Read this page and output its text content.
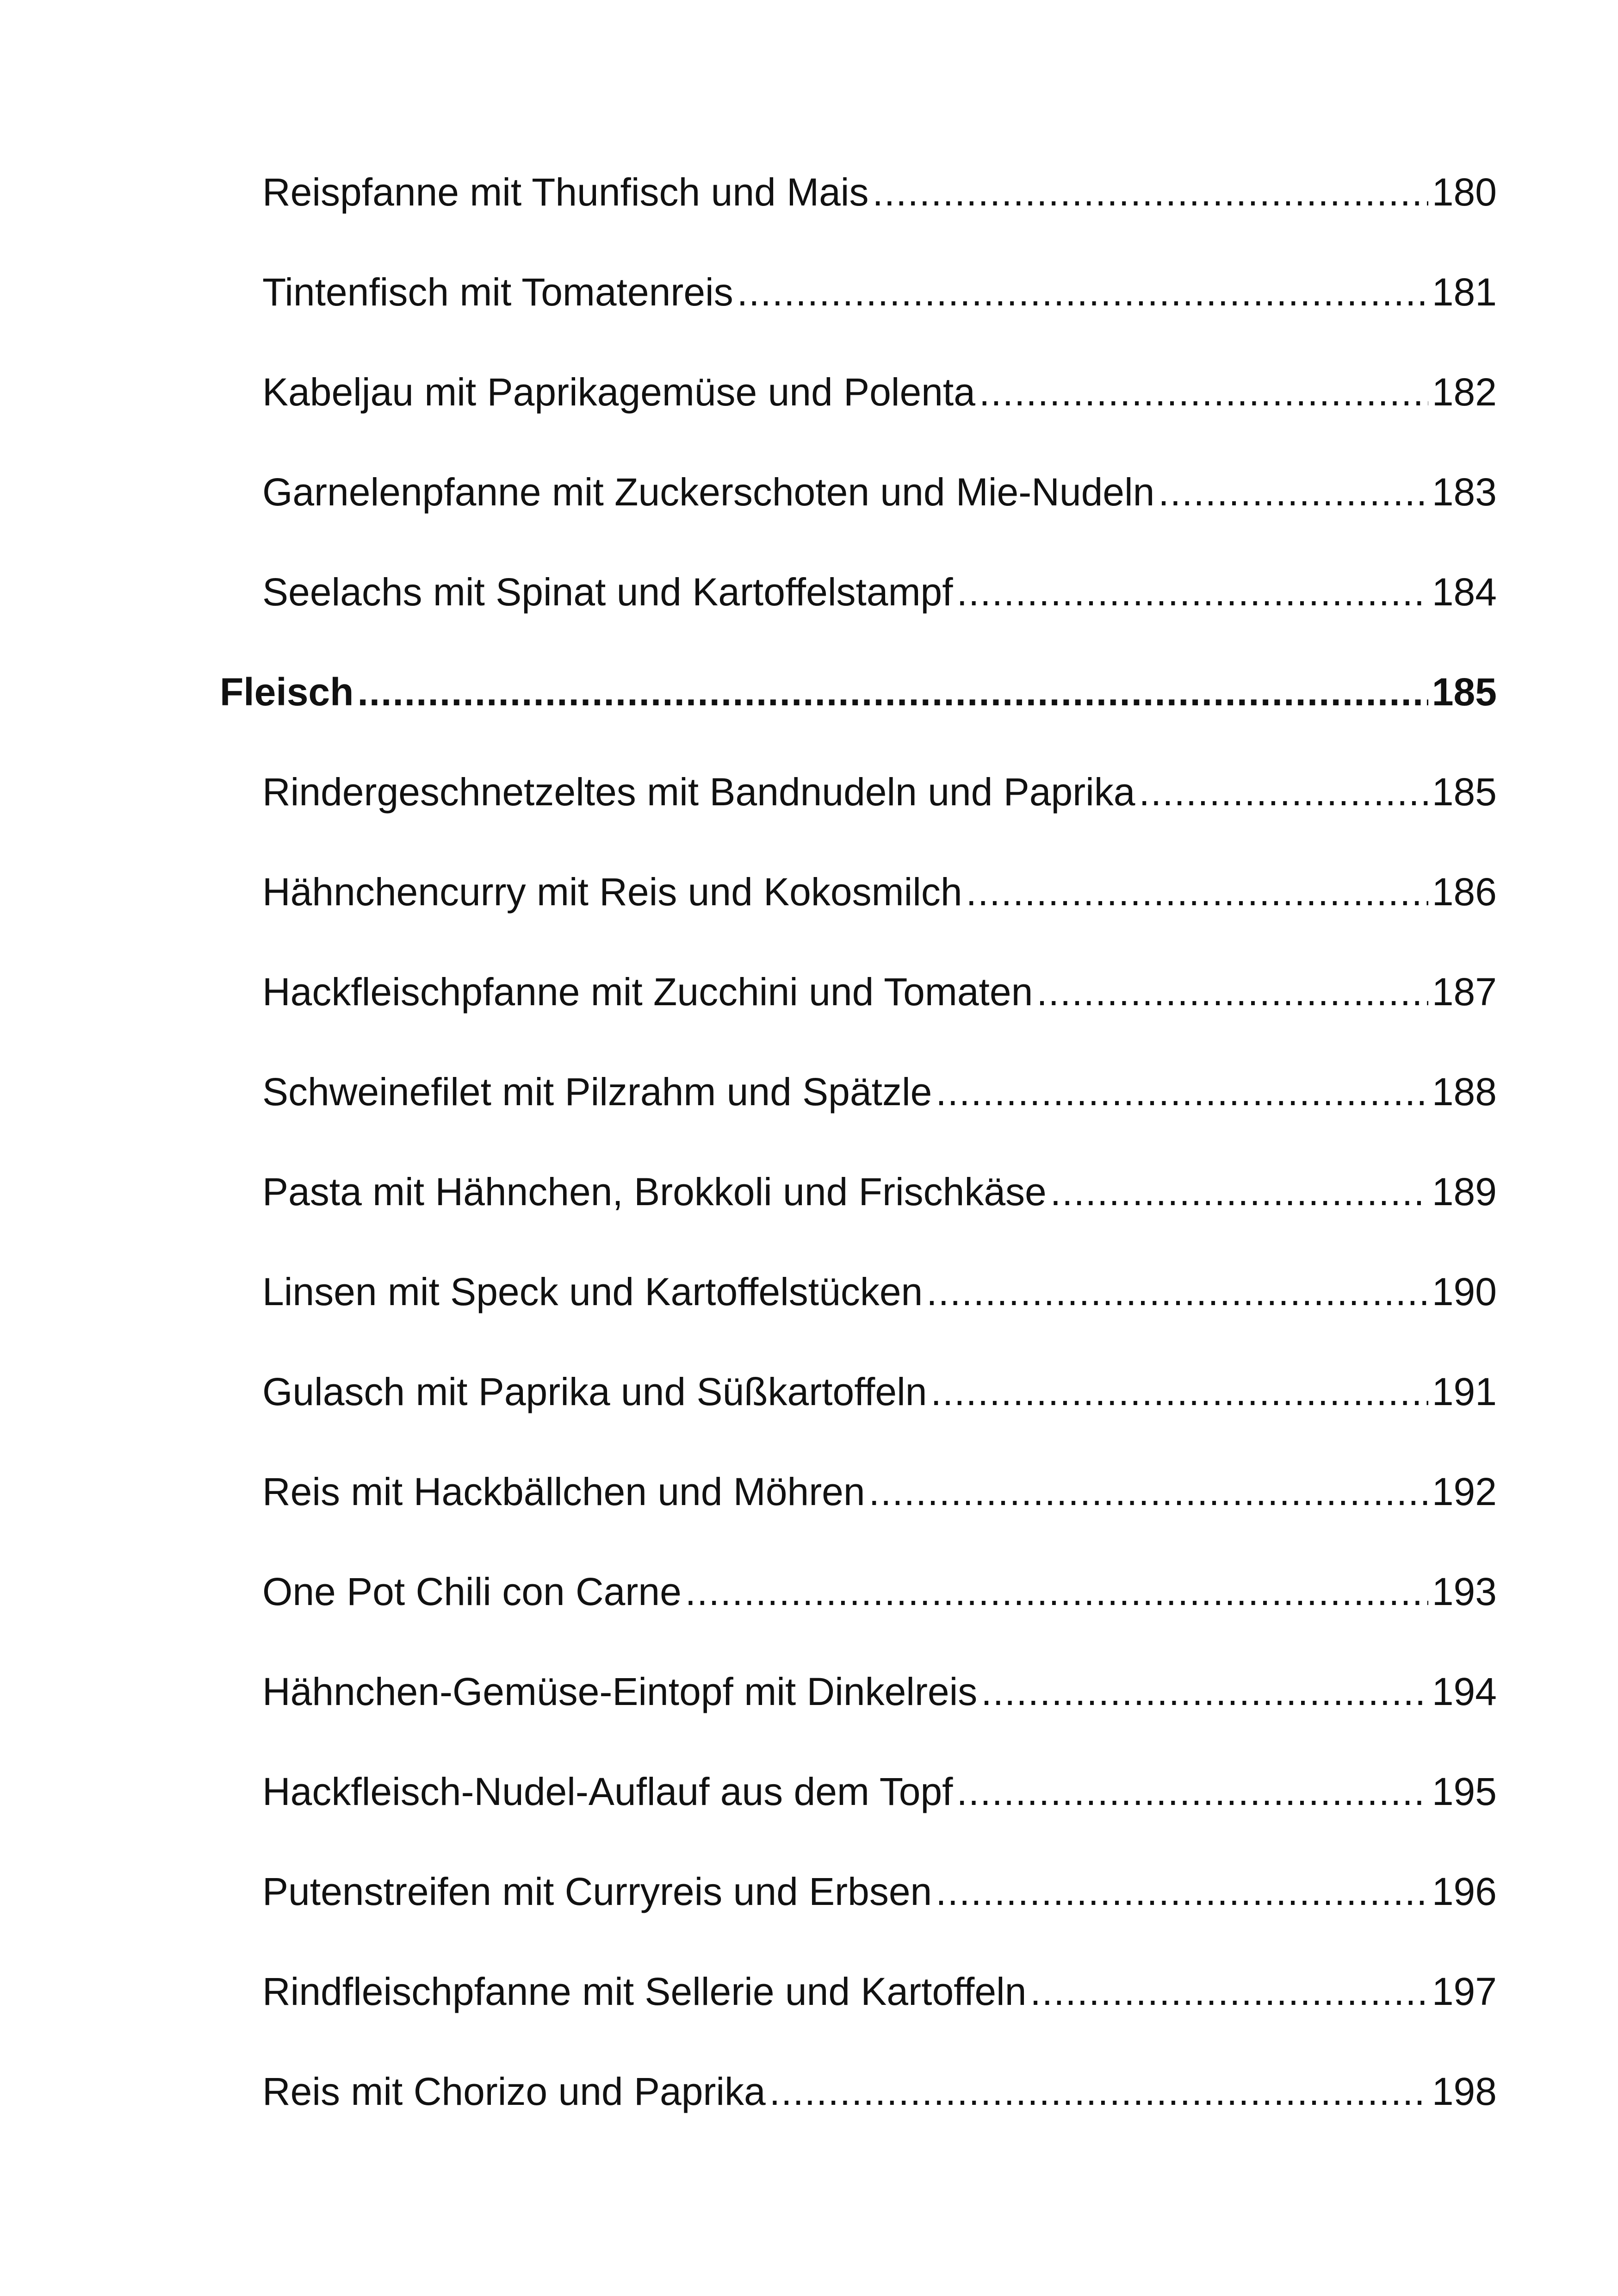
Reispfanne mit Thunfisch und Mais .....	180
Tintenfisch mit Tomatenreis .....	181
Kabeljau mit Paprikagemüse und Polenta .....	182
Garnelenpfanne mit Zuckerschoten und Mie-Nudeln .....	183
Seelachs mit Spinat und Kartoffelstampf .....	184
Fleisch .....	185
Rindergeschnetzeltes mit Bandnudeln und Paprika .....	185
Hähnchencurry mit Reis und Kokosmilch .....	186
Hackfleischpfanne mit Zucchini und Tomaten .....	187
Schweinefilet mit Pilzrahm und Spätzle .....	188
Pasta mit Hähnchen, Brokkoli und Frischkäse .....	189
Linsen mit Speck und Kartoffelstücken .....	190
Gulasch mit Paprika und Süßkartoffeln .....	191
Reis mit Hackbällchen und Möhren .....	192
One Pot Chili con Carne .....	193
Hähnchen-Gemüse-Eintopf mit Dinkelreis .....	194
Hackfleisch-Nudel-Auflauf aus dem Topf .....	195
Putenstreifen mit Curryreis und Erbsen .....	196
Rindfleischpfanne mit Sellerie und Kartoffeln .....	197
Reis mit Chorizo und Paprika .....	198
